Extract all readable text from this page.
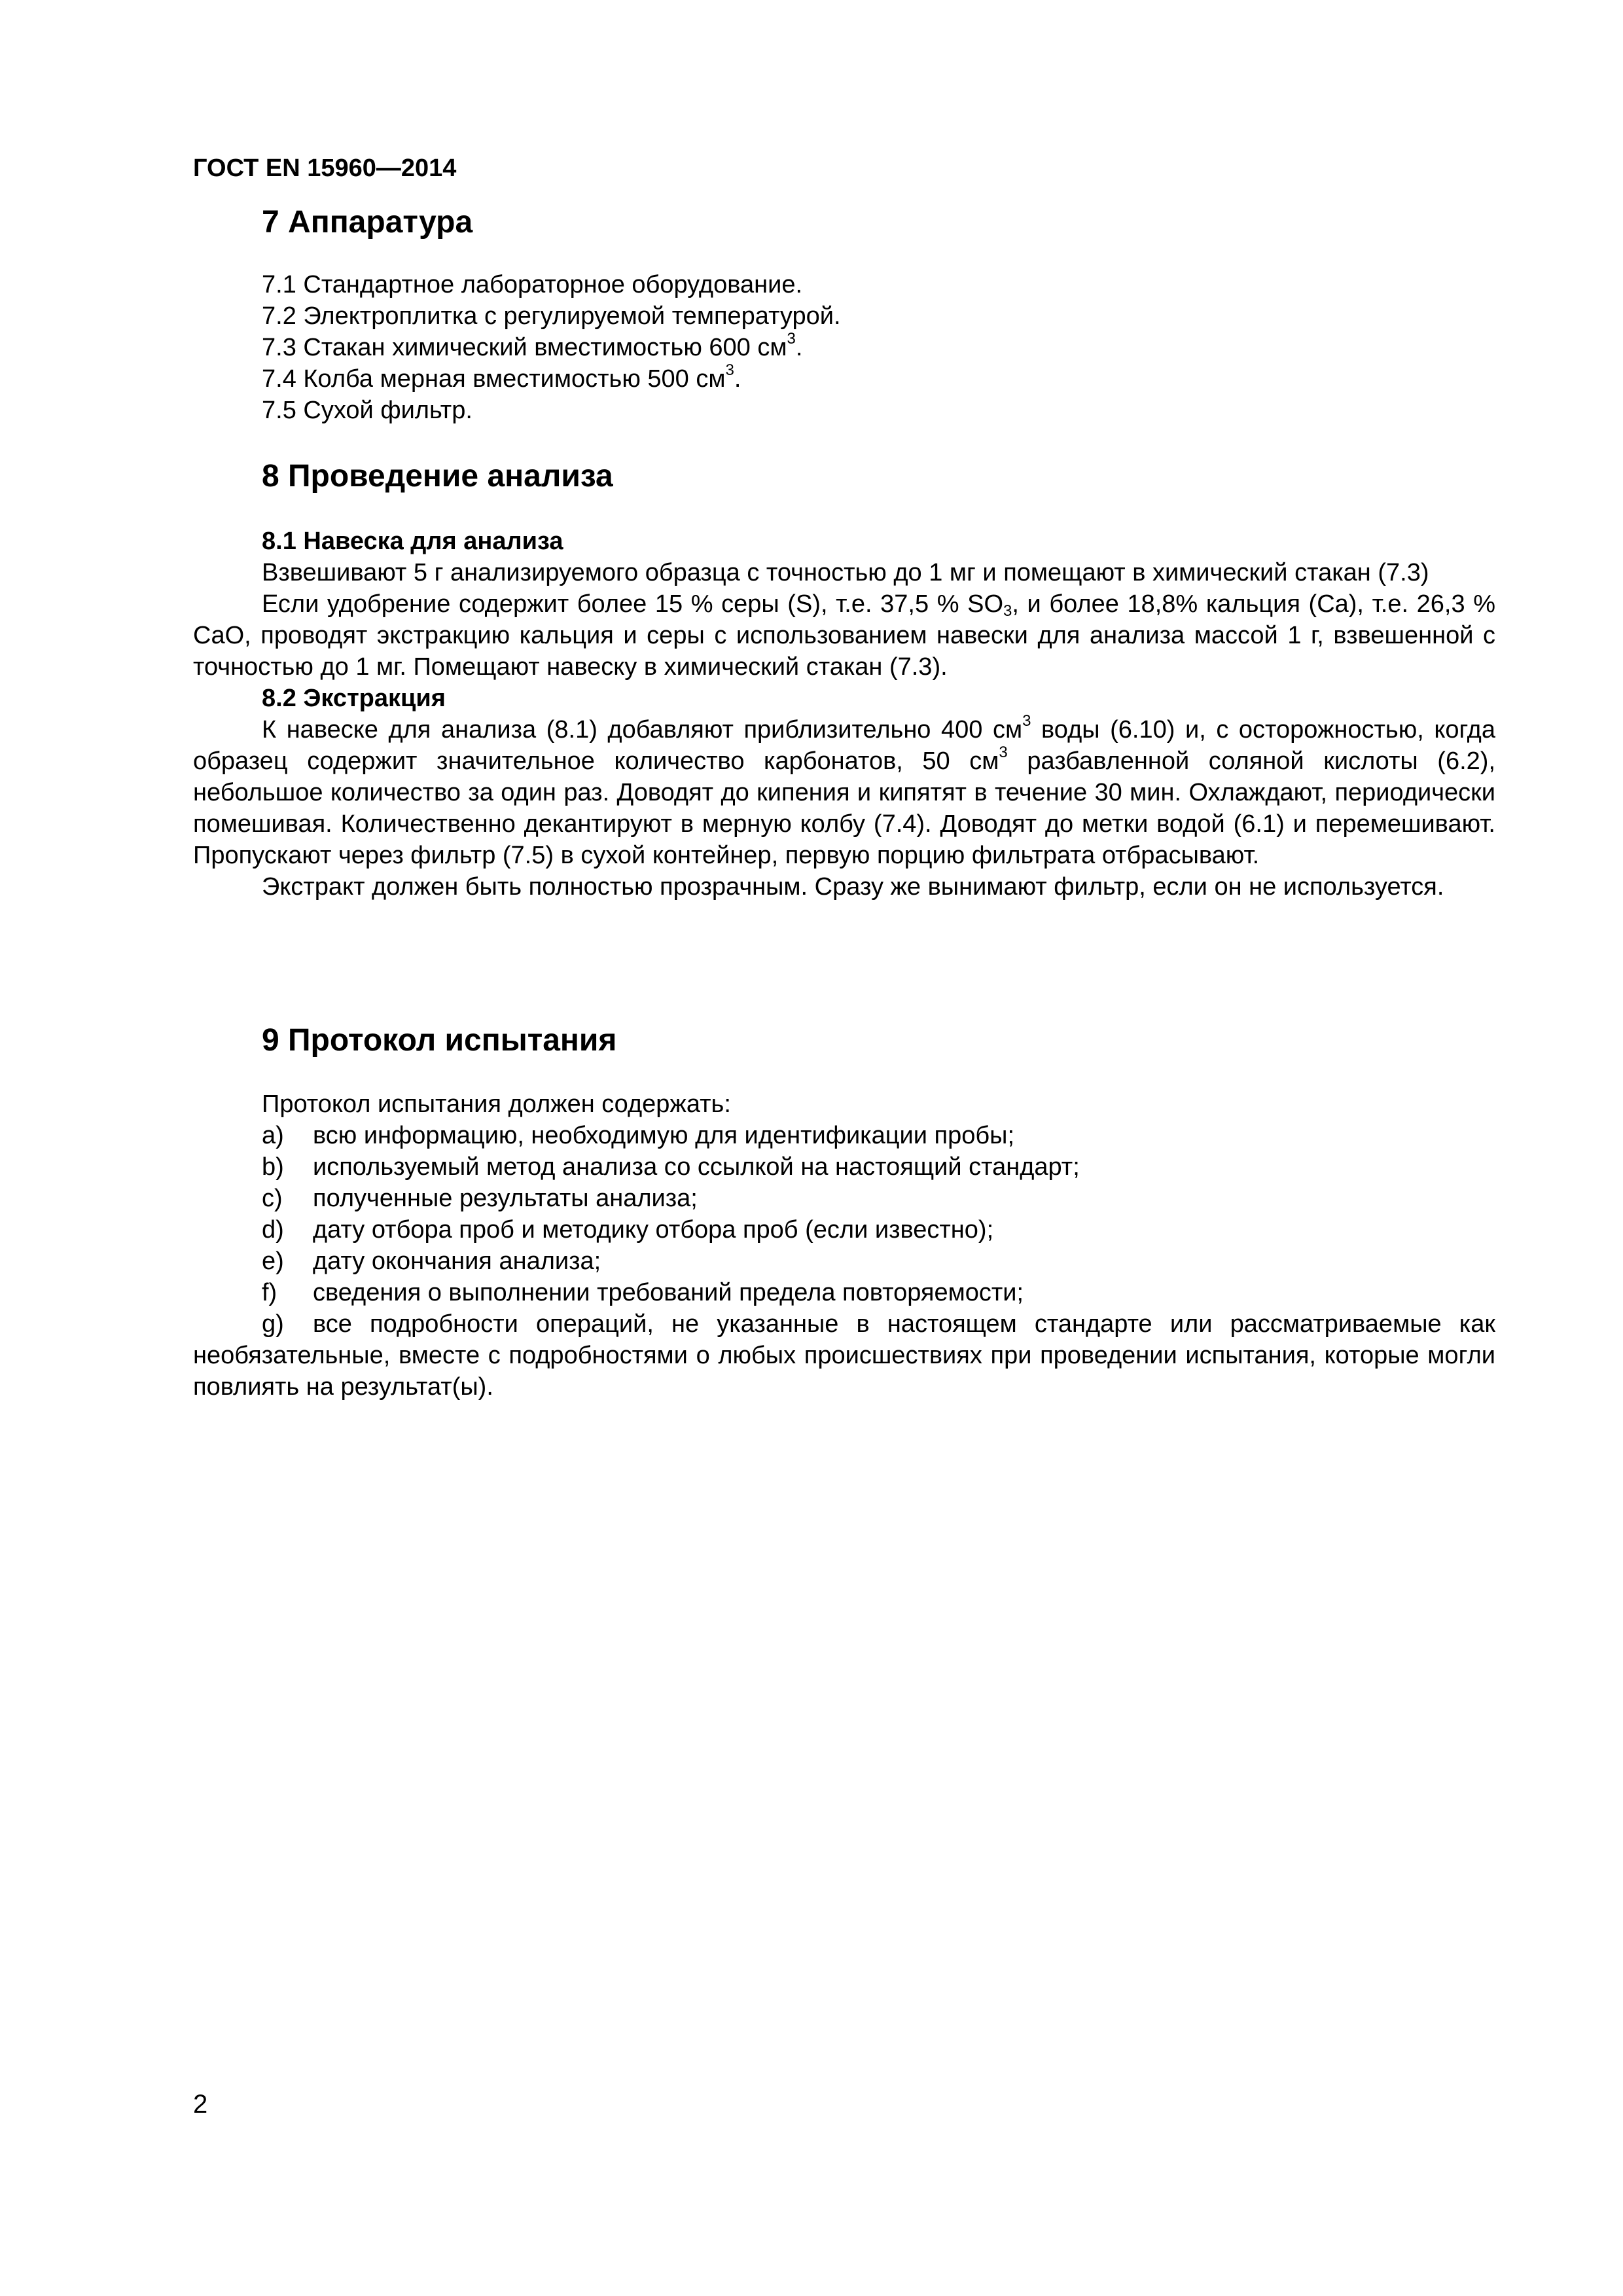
ГОСТ EN 15960—2014

7 Аппаратура

7.1 Стандартное лабораторное оборудование.

7.2 Электроплитка с регулируемой температурой.

7.3 Стакан химический вместимостью 600 $см^3$.

7.4 Колба мерная вместимостью 500 $см^3$.

7.5 Сухой фильтр.

8 Проведение анализа

8.1 Навеска для анализа

Взвешивают 5 г анализируемого образца с точностью до 1 мг и помещают в химический стакан (7.3)

Если удобрение содержит более 15 % серы (S), т.е. 37,5 % $SO_3$, и более 18,8% кальция (Ca), т.е. 26,3 % CaO, проводят экстракцию кальция и серы с использованием навески для анализа массой 1 г, взвешенной с точностью до 1 мг. Помещают навеску в химический стакан (7.3).

8.2 Экстракция

К навеске для анализа (8.1) добавляют приблизительно 400 $см^3$ воды (6.10) и, с осторожностью, когда образец содержит значительное количество карбонатов, 50 $см^3$ разбавленной соляной кислоты (6.2), небольшое количество за один раз. Доводят до кипения и кипятят в течение 30 мин. Охлаждают, периодически помешивая. Количественно декантируют в мерную колбу (7.4). Доводят до метки водой (6.1) и перемешивают. Пропускают через фильтр (7.5) в сухой контейнер, первую порцию фильтрата отбрасывают.

Экстракт должен быть полностью прозрачным. Сразу же вынимают фильтр, если он не используется.

9 Протокол испытания

Протокол испытания должен содержать:

a)	всю информацию, необходимую для идентификации пробы;

b)	используемый метод анализа со ссылкой на настоящий стандарт;

c)	полученные результаты анализа;

d)	дату отбора проб и методику отбора проб (если известно);

e)	дату окончания анализа;

f)	сведения о выполнении требований предела повторяемости;

g) все подробности операций, не указанные в настоящем стандарте или рассматриваемые как необязательные, вместе с подробностями о любых происшествиях при проведении испытания, которые могли повлиять на результат(ы).

2
